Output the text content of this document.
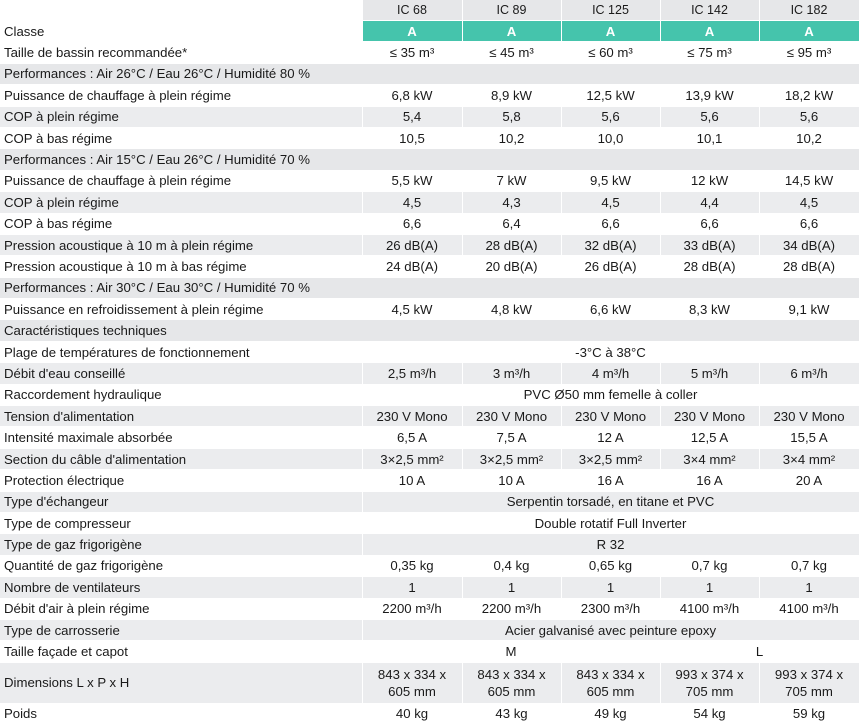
	IC 68	IC 89	IC 125	IC 142	IC 182
Classe	A	A	A	A	A
Taille de bassin recommandée*	≤ 35 m³	≤ 45 m³	≤ 60 m³	≤ 75 m³	≤ 95 m³
Performances : Air 26°C / Eau 26°C / Humidité 80 %					
Puissance de chauffage à plein régime	6,8 kW	8,9 kW	12,5 kW	13,9 kW	18,2 kW
COP à plein régime	5,4	5,8	5,6	5,6	5,6
COP à bas régime	10,5	10,2	10,0	10,1	10,2
Performances : Air 15°C / Eau 26°C / Humidité 70 %					
Puissance de chauffage à plein régime	5,5 kW	7 kW	9,5 kW	12 kW	14,5 kW
COP à plein régime	4,5	4,3	4,5	4,4	4,5
COP à bas régime	6,6	6,4	6,6	6,6	6,6
Pression acoustique à 10 m à plein régime	26 dB(A)	28 dB(A)	32 dB(A)	33 dB(A)	34 dB(A)
Pression acoustique à 10 m à bas régime	24 dB(A)	20 dB(A)	26 dB(A)	28 dB(A)	28 dB(A)
Performances : Air 30°C / Eau 30°C / Humidité 70 %					
Puissance en refroidissement à plein régime	4,5 kW	4,8 kW	6,6 kW	8,3 kW	9,1 kW
Caractéristiques techniques					
Plage de températures de fonctionnement	-3°C à 38°C				
Débit d'eau conseillé	2,5 m³/h	3 m³/h	4 m³/h	5 m³/h	6 m³/h
Raccordement hydraulique	PVC Ø50 mm femelle à coller				
Tension d'alimentation	230 V Mono	230 V Mono	230 V Mono	230 V Mono	230 V Mono
Intensité maximale absorbée	6,5 A	7,5 A	12 A	12,5 A	15,5 A
Section du câble d'alimentation	3×2,5 mm²	3×2,5 mm²	3×2,5 mm²	3×4 mm²	3×4 mm²
Protection électrique	10 A	10 A	16 A	16 A	20 A
Type d'échangeur	Serpentin torsadé, en titane et PVC				
Type de compresseur	Double rotatif Full Inverter				
Type de gaz frigorigène	R 32				
Quantité de gaz frigorigène	0,35 kg	0,4 kg	0,65 kg	0,7 kg	0,7 kg
Nombre de ventilateurs	1	1	1	1	1
Débit d'air à plein régime	2200 m³/h	2200 m³/h	2300 m³/h	4100 m³/h	4100 m³/h
Type de carrosserie	Acier galvanisé avec peinture epoxy				
Taille façade et capot	M			L	
Dimensions L x P x H	843 x 334 x 605 mm	843 x 334 x 605 mm	843 x 334 x 605 mm	993 x 374 x 705 mm	993 x 374 x 705 mm
Poids	40 kg	43 kg	49 kg	54 kg	59 kg
